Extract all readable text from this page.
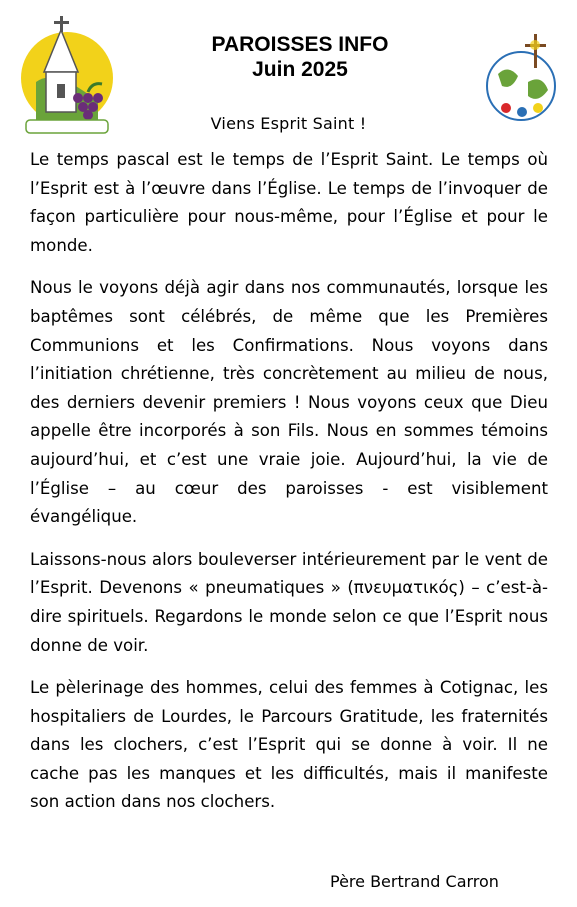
PAROISSES INFO
Juin 2025
Viens Esprit Saint !

Le temps pascal est le temps de l’Esprit Saint. Le temps où l’Esprit est à l’œuvre dans l’Église. Le temps de l’invoquer de façon particulière pour nous-même, pour l’Église et pour le monde.

Nous le voyons déjà agir dans nos communautés, lorsque les baptêmes sont célébrés, de même que les Premières Communions et les Confirmations. Nous voyons dans l’initiation chrétienne, très concrètement au milieu de nous, des derniers devenir premiers ! Nous voyons ceux que Dieu appelle être incorporés à son Fils. Nous en sommes témoins aujourd’hui, et c’est une vraie joie. Aujourd’hui, la vie de l’Église – au cœur des paroisses - est visiblement évangélique.

Laissons-nous alors bouleverser intérieurement par le vent de l’Esprit. Devenons « pneumatiques » (πνευματικός) – c’est-à-dire spirituels. Regardons le monde selon ce que l’Esprit nous donne de voir.

Le pèlerinage des hommes, celui des femmes à Cotignac, les hospitaliers de Lourdes, le Parcours Gratitude, les fraternités dans les clochers, c’est l’Esprit qui se donne à voir. Il ne cache pas les manques et les difficultés, mais il manifeste son action dans nos clochers.

Père Bertrand Carron
